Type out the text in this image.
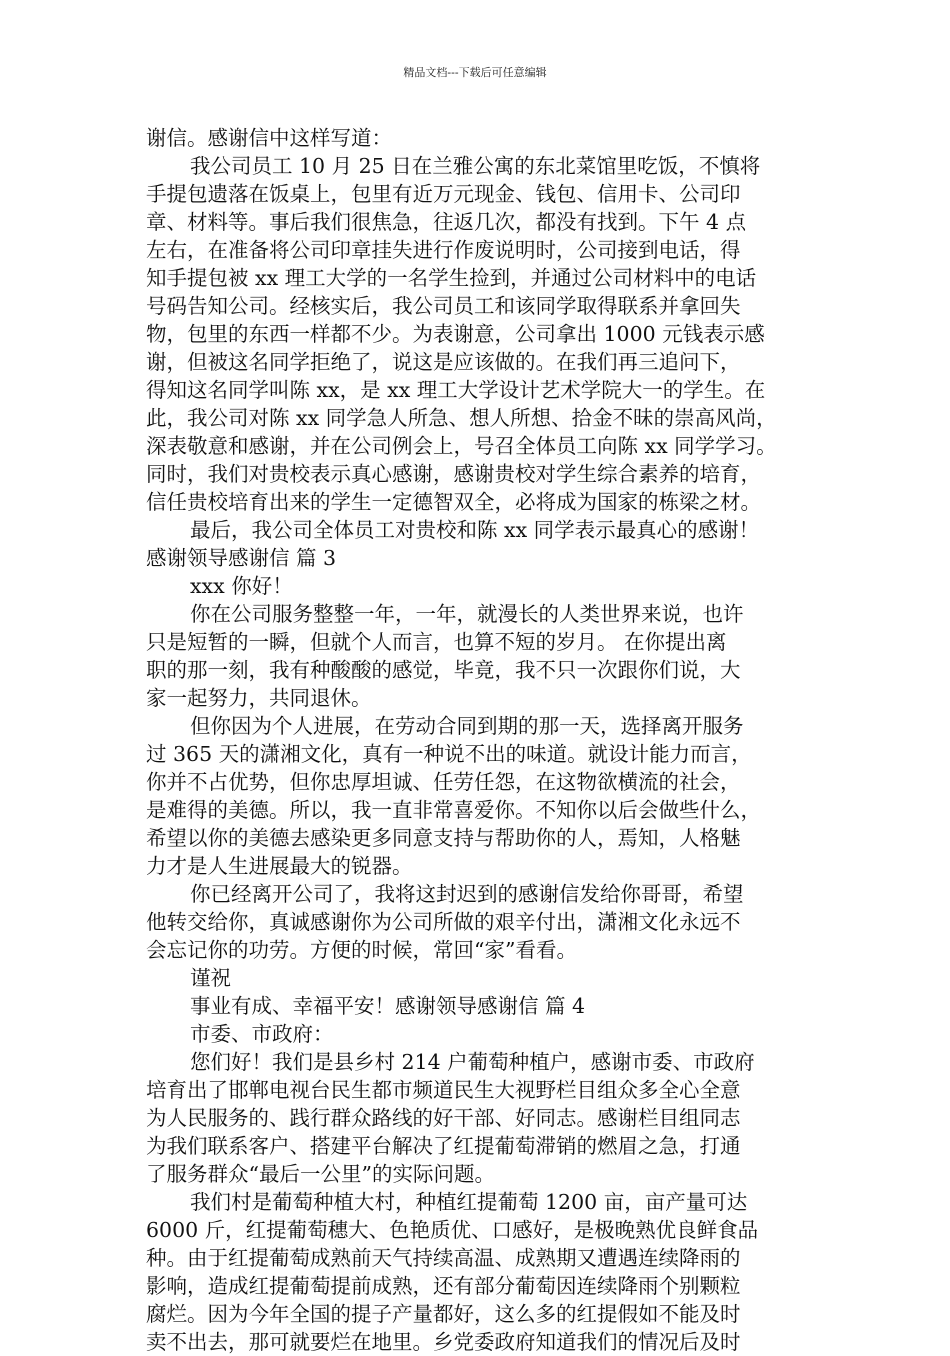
精品文档---下载后可任意编辑
谢信。感谢信中这样写道：
我公司员工 10 月 25 日在兰雅公寓的东北菜馆里吃饭，不慎将
手提包遗落在饭桌上，包里有近万元现金、钱包、信用卡、公司印
章、材料等。事后我们很焦急，往返几次，都没有找到。下午 4 点
左右，在准备将公司印章挂失进行作废说明时，公司接到电话，得
知手提包被 xx 理工大学的一名学生捡到，并通过公司材料中的电话
号码告知公司。经核实后，我公司员工和该同学取得联系并拿回失
物，包里的东西一样都不少。为表谢意，公司拿出 1000 元钱表示感
谢，但被这名同学拒绝了，说这是应该做的。在我们再三追问下，
得知这名同学叫陈 xx，是 xx 理工大学设计艺术学院大一的学生。在
此，我公司对陈 xx 同学急人所急、想人所想、拾金不昧的崇高风尚，
深表敬意和感谢，并在公司例会上，号召全体员工向陈 xx 同学学习。
同时，我们对贵校表示真心感谢，感谢贵校对学生综合素养的培育，
信任贵校培育出来的学生一定德智双全，必将成为国家的栋梁之材。
最后，我公司全体员工对贵校和陈 xx 同学表示最真心的感谢！
感谢领导感谢信 篇 3
xxx 你好！
你在公司服务整整一年，一年，就漫长的人类世界来说，也许
只是短暂的一瞬，但就个人而言，也算不短的岁月。 在你提出离
职的那一刻，我有种酸酸的感觉，毕竟，我不只一次跟你们说，大
家一起努力，共同退休。
但你因为个人进展，在劳动合同到期的那一天，选择离开服务
过 365 天的潇湘文化，真有一种说不出的味道。就设计能力而言，
你并不占优势，但你忠厚坦诚、任劳任怨，在这物欲横流的社会，
是难得的美德。所以，我一直非常喜爱你。不知你以后会做些什么，
希望以你的美德去感染更多同意支持与帮助你的人，焉知，人格魅
力才是人生进展最大的锐器。
你已经离开公司了，我将这封迟到的感谢信发给你哥哥，希望
他转交给你，真诚感谢你为公司所做的艰辛付出，潇湘文化永远不
会忘记你的功劳。方便的时候，常回“家”看看。
谨祝
事业有成、幸福平安！感谢领导感谢信 篇 4
市委、市政府：
您们好！我们是县乡村 214 户葡萄种植户，感谢市委、市政府
培育出了邯郸电视台民生都市频道民生大视野栏目组众多全心全意
为人民服务的、践行群众路线的好干部、好同志。感谢栏目组同志
为我们联系客户、搭建平台解决了红提葡萄滞销的燃眉之急，打通
了服务群众“最后一公里”的实际问题。
我们村是葡萄种植大村，种植红提葡萄 1200 亩，亩产量可达
6000 斤，红提葡萄穗大、色艳质优、口感好，是极晚熟优良鲜食品
种。由于红提葡萄成熟前天气持续高温、成熟期又遭遇连续降雨的
影响，造成红提葡萄提前成熟，还有部分葡萄因连续降雨个别颗粒
腐烂。因为今年全国的提子产量都好，这么多的红提假如不能及时
卖不出去，那可就要烂在地里。乡党委政府知道我们的情况后及时
